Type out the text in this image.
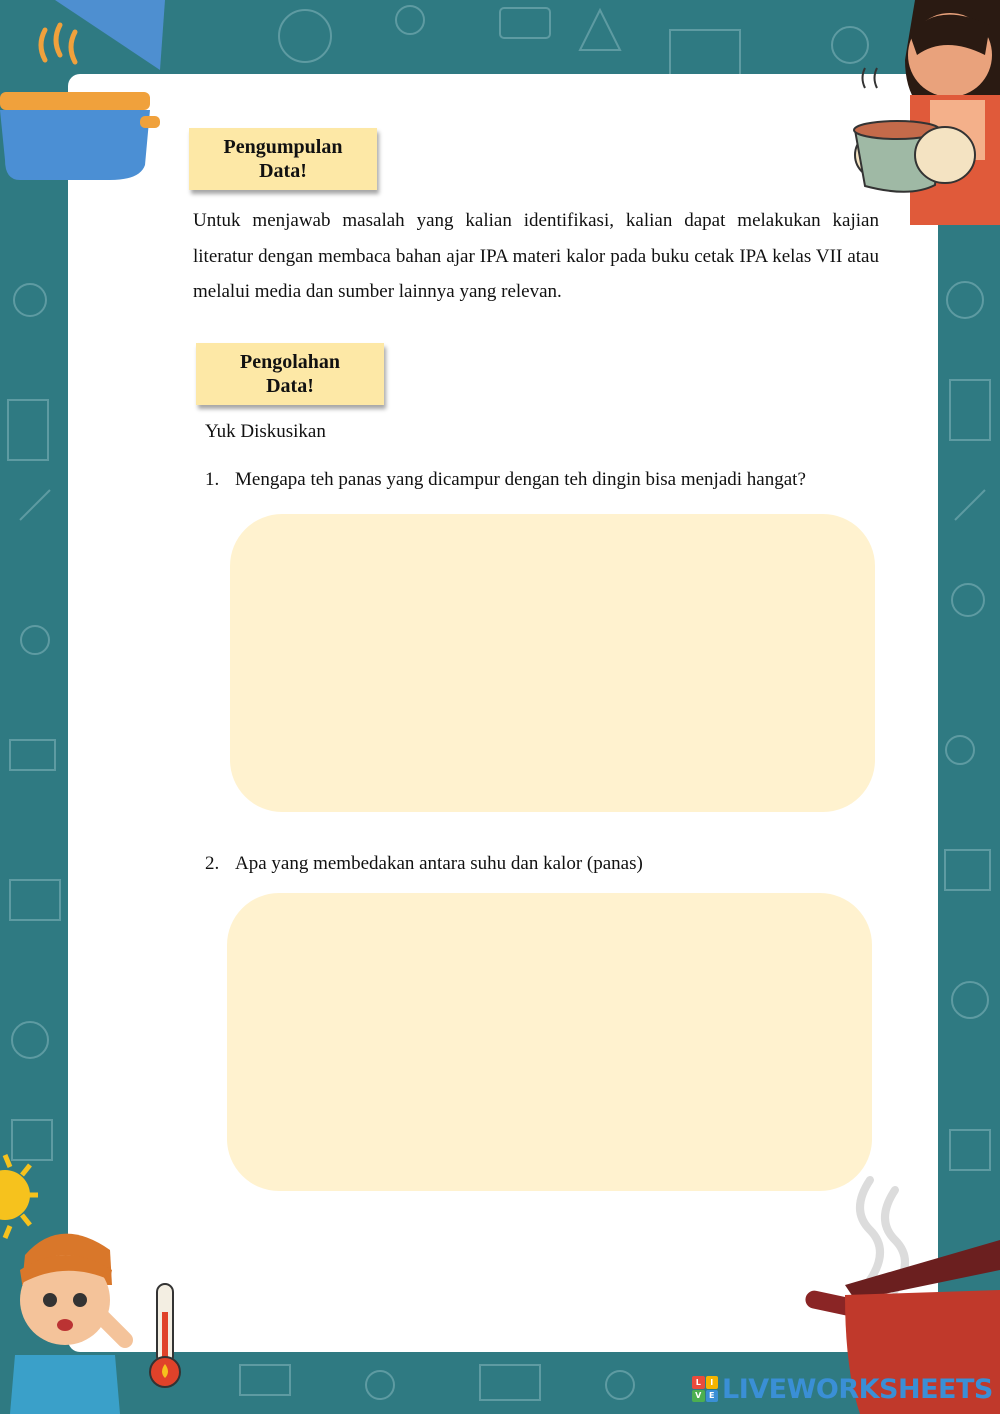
Pengumpulan
Data!
Untuk menjawab masalah yang kalian identifikasi, kalian dapat melakukan kajian literatur dengan membaca bahan ajar IPA materi kalor pada buku cetak IPA kelas VII atau melalui media dan sumber lainnya yang relevan.
Pengolahan
Data!
Yuk Diskusikan
1. Mengapa teh panas yang dicampur dengan teh dingin bisa menjadi hangat?
2. Apa yang membedakan antara suhu dan kalor (panas)
L	I
V E LIVEWORKSHEETS
